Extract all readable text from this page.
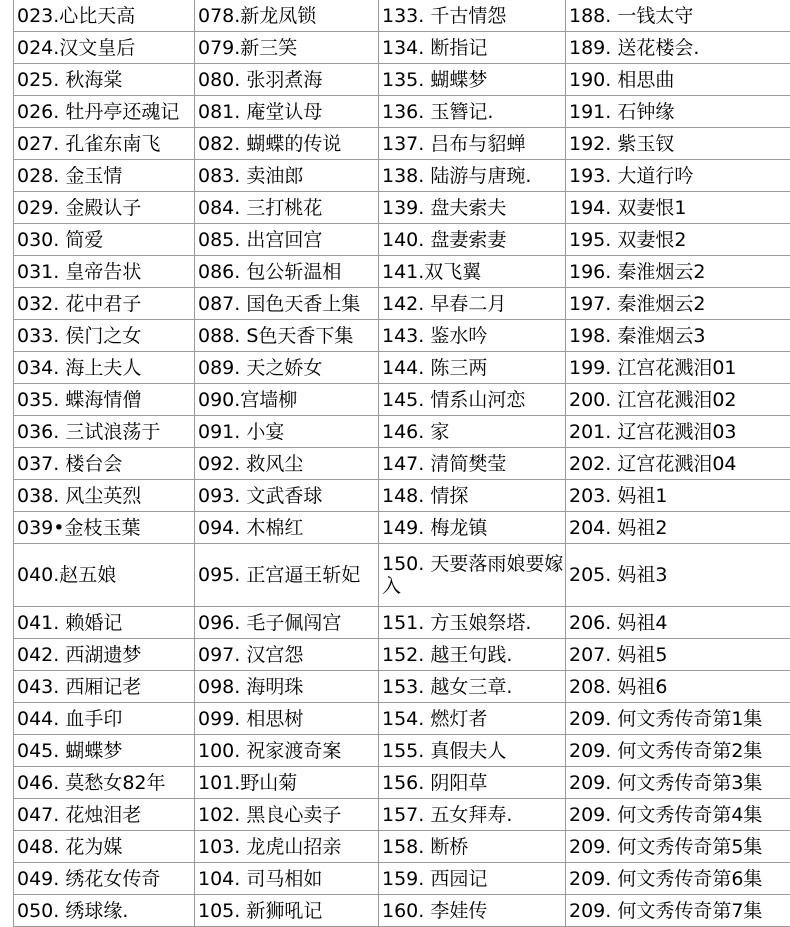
023.心比天高	078.新龙凤锁	133. 千古情怨	188. 一钱太守
024.汉文皇后	079.新三笑	134. 断指记	189. 送花楼会.
025. 秋海棠	080. 张羽煮海	135. 蝴蝶梦	190. 相思曲
026. 牡丹亭还魂记	081. 庵堂认母	136. 玉簪记.	191. 石钟缘
027. 孔雀东南飞	082. 蝴蝶的传说	137. 吕布与貂蝉	192. 紫玉钗
028. 金玉情	083. 卖油郎	138. 陆游与唐琬.	193. 大道行吟
029. 金殿认子	084. 三打桃花	139. 盘夫索夫	194. 双妻恨1
030. 简爱	085. 出宫回宫	140. 盘妻索妻	195. 双妻恨2
031. 皇帝告状	086. 包公斩温相	141.双飞翼	196. 秦淮烟云2
032. 花中君子	087. 国色天香上集	142. 早春二月	197. 秦淮烟云2
033. 侯门之女	088. S色天香下集	143. 鉴水吟	198. 秦淮烟云3
034. 海上夫人	089. 天之娇女	144. 陈三两	199. 江宫花溅泪01
035. 蝶海情僧	090.宫墙柳	145. 情系山河恋	200. 江宫花溅泪02
036. 三试浪荡于	091. 小宴	146. 家	201. 辽宫花溅泪03
037. 楼台会	092. 救风尘	147. 清简樊莹	202. 辽宫花溅泪04
038. 风尘英烈	093. 文武香球	148. 情探	203. 妈祖1
039•金枝玉葉	094. 木棉红	149. 梅龙镇	204. 妈祖2
040.赵五娘	095. 正宫逼王斩妃	150. 天要落雨娘要嫁入	205. 妈祖3
041. 赖婚记	096. 毛子佩闯宫	151. 方玉娘祭塔.	206. 妈祖4
042. 西湖遗梦	097. 汉宫怨	152. 越王句践.	207. 妈祖5
043. 西厢记老	098. 海明珠	153. 越女三章.	208. 妈祖6
044. 血手印	099. 相思树	154. 燃灯者	209. 何文秀传奇第1集
045. 蝴蝶梦	100. 祝家渡奇案	155. 真假夫人	209. 何文秀传奇第2集
046. 莫愁女82年	101.野山菊	156. 阴阳草	209. 何文秀传奇第3集
047. 花烛泪老	102. 黑良心卖子	157. 五女拜寿.	209. 何文秀传奇第4集
048. 花为媒	103. 龙虎山招亲	158. 断桥	209. 何文秀传奇第5集
049. 绣花女传奇	104. 司马相如	159. 西园记	209. 何文秀传奇第6集
050. 绣球缘.	105. 新狮吼记	160. 李娃传	209. 何文秀传奇第7集
